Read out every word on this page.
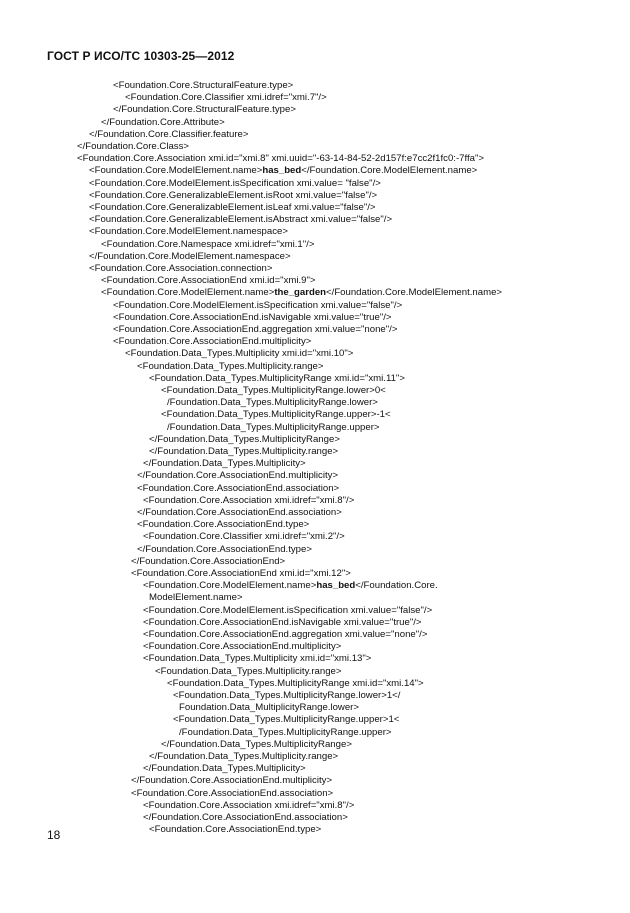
ГОСТ Р ИСО/ТС 10303-25—2012
<Foundation.Core.StructuralFeature.type>
<Foundation.Core.Classifier xmi.idref="xmi.7"/>
</Foundation.Core.StructuralFeature.type>
</Foundation.Core.Attribute>
</Foundation.Core.Classifier.feature>
</Foundation.Core.Class>
<Foundation.Core.Association xmi.id="xmi.8" xmi.uuid="-63-14-84-52-2d157f:e7cc2f1fc0:-7ffa">
<Foundation.Core.ModelElement.name>has_bed</Foundation.Core.ModelElement.name>
<Foundation.Core.ModelElement.isSpecification xmi.value= "false"/>
<Foundation.Core.GeneralizableElement.isRoot xmi.value="false"/>
<Foundation.Core.GeneralizableElement.isLeaf xmi.value="false"/>
<Foundation.Core.GeneralizableElement.isAbstract xmi.value="false"/>
<Foundation.Core.ModelElement.namespace>
<Foundation.Core.Namespace xmi.idref="xmi.1"/>
</Foundation.Core.ModelElement.namespace>
<Foundation.Core.Association.connection>
<Foundation.Core.AssociationEnd xmi.id="xmi.9">
<Foundation.Core.ModelElement.name>the_garden</Foundation.Core.ModelElement.name>
<Foundation.Core.ModelElement.isSpecification xmi.value="false"/>
<Foundation.Core.AssociationEnd.isNavigable xmi.value="true"/>
<Foundation.Core.AssociationEnd.aggregation xmi.value="none"/>
<Foundation.Core.AssociationEnd.multiplicity>
<Foundation.Data_Types.Multiplicity xmi.id="xmi.10">
<Foundation.Data_Types.Multiplicity.range>
<Foundation.Data_Types.MultiplicityRange xmi.id="xmi.11">
<Foundation.Data_Types.MultiplicityRange.lower>0<
/Foundation.Data_Types.MultiplicityRange.lower>
<Foundation.Data_Types.MultiplicityRange.upper>-1<
/Foundation.Data_Types.MultiplicityRange.upper>
</Foundation.Data_Types.MultiplicityRange>
</Foundation.Data_Types.Multiplicity.range>
</Foundation.Data_Types.Multiplicity>
</Foundation.Core.AssociationEnd.multiplicity>
<Foundation.Core.AssociationEnd.association>
<Foundation.Core.Association xmi.idref="xmi.8"/>
</Foundation.Core.AssociationEnd.association>
<Foundation.Core.AssociationEnd.type>
<Foundation.Core.Classifier xmi.idref="xmi.2"/>
</Foundation.Core.AssociationEnd.type>
</Foundation.Core.AssociationEnd>
<Foundation.Core.AssociationEnd xmi.id="xmi.12">
<Foundation.Core.ModelElement.name>has_bed</Foundation.Core.
ModelElement.name>
<Foundation.Core.ModelElement.isSpecification xmi.value="false"/>
<Foundation.Core.AssociationEnd.isNavigable xmi.value="true"/>
<Foundation.Core.AssociationEnd.aggregation xmi.value="none"/>
<Foundation.Core.AssociationEnd.multiplicity>
<Foundation.Data_Types.Multiplicity xmi.id="xmi.13">
<Foundation.Data_Types.Multiplicity.range>
<Foundation.Data_Types.MultiplicityRange xmi.id="xmi.14">
<Foundation.Data_Types.MultiplicityRange.lower>1</
Foundation.Data_MultiplicityRange.lower>
<Foundation.Data_Types.MultiplicityRange.upper>1<
/Foundation.Data_Types.MultiplicityRange.upper>
</Foundation.Data_Types.MultiplicityRange>
</Foundation.Data_Types.Multiplicity.range>
</Foundation.Data_Types.Multiplicity>
</Foundation.Core.AssociationEnd.multiplicity>
<Foundation.Core.AssociationEnd.association>
<Foundation.Core.Association xmi.idref="xmi.8"/>
</Foundation.Core.AssociationEnd.association>
<Foundation.Core.AssociationEnd.type>
18
